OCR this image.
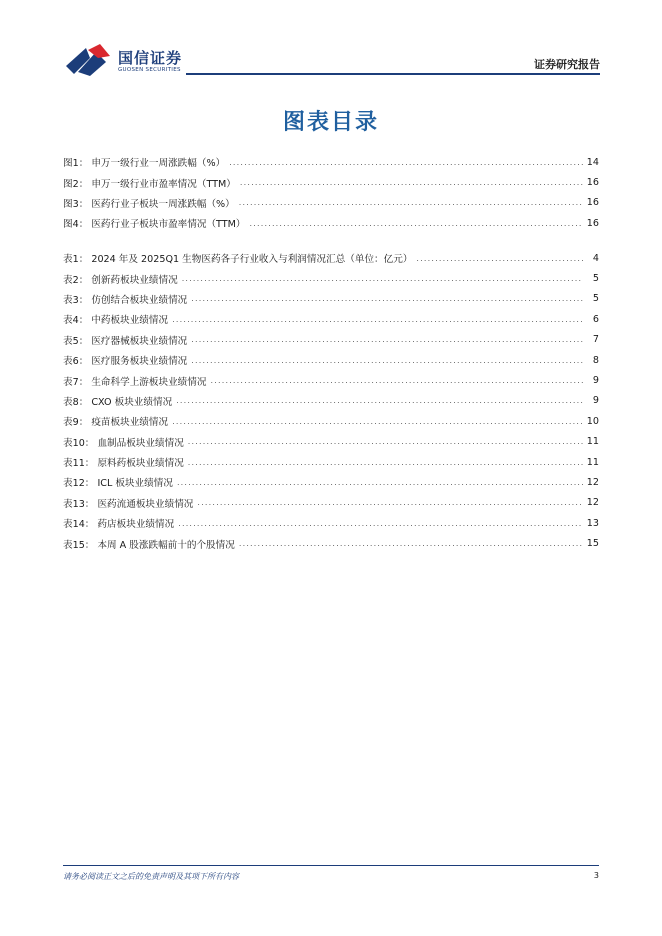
国信证券
GUOSEN SECURITIES	证券研究报告
图表目录
图1： 申万一级行业一周涨跌幅（%） .....	14
图2： 申万一级行业市盈率情况（TTM） .....	16
图3： 医药行业子板块一周涨跌幅（%） .....	16
图4： 医药行业子板块市盈率情况（TTM） .....	16
表1： 2024 年及 2025Q1 生物医药各子行业收入与利润情况汇总（单位：亿元） .....	4
表2： 创新药板块业绩情况 .....	5
表3： 仿创结合板块业绩情况 .....	5
表4： 中药板块业绩情况 .....	6
表5： 医疗器械板块业绩情况 .....	7
表6： 医疗服务板块业绩情况 .....	8
表7： 生命科学上游板块业绩情况 .....	9
表8： CXO 板块业绩情况 .....	9
表9： 疫苗板块业绩情况 .....	10
表10： 血制品板块业绩情况 .....	11
表11： 原料药板块业绩情况 .....	11
表12： ICL 板块业绩情况 .....	12
表13： 医药流通板块业绩情况 .....	12
表14： 药店板块业绩情况 .....	13
表15： 本周 A 股涨跌幅前十的个股情况 .....	15
请务必阅读正文之后的免责声明及其项下所有内容	3
